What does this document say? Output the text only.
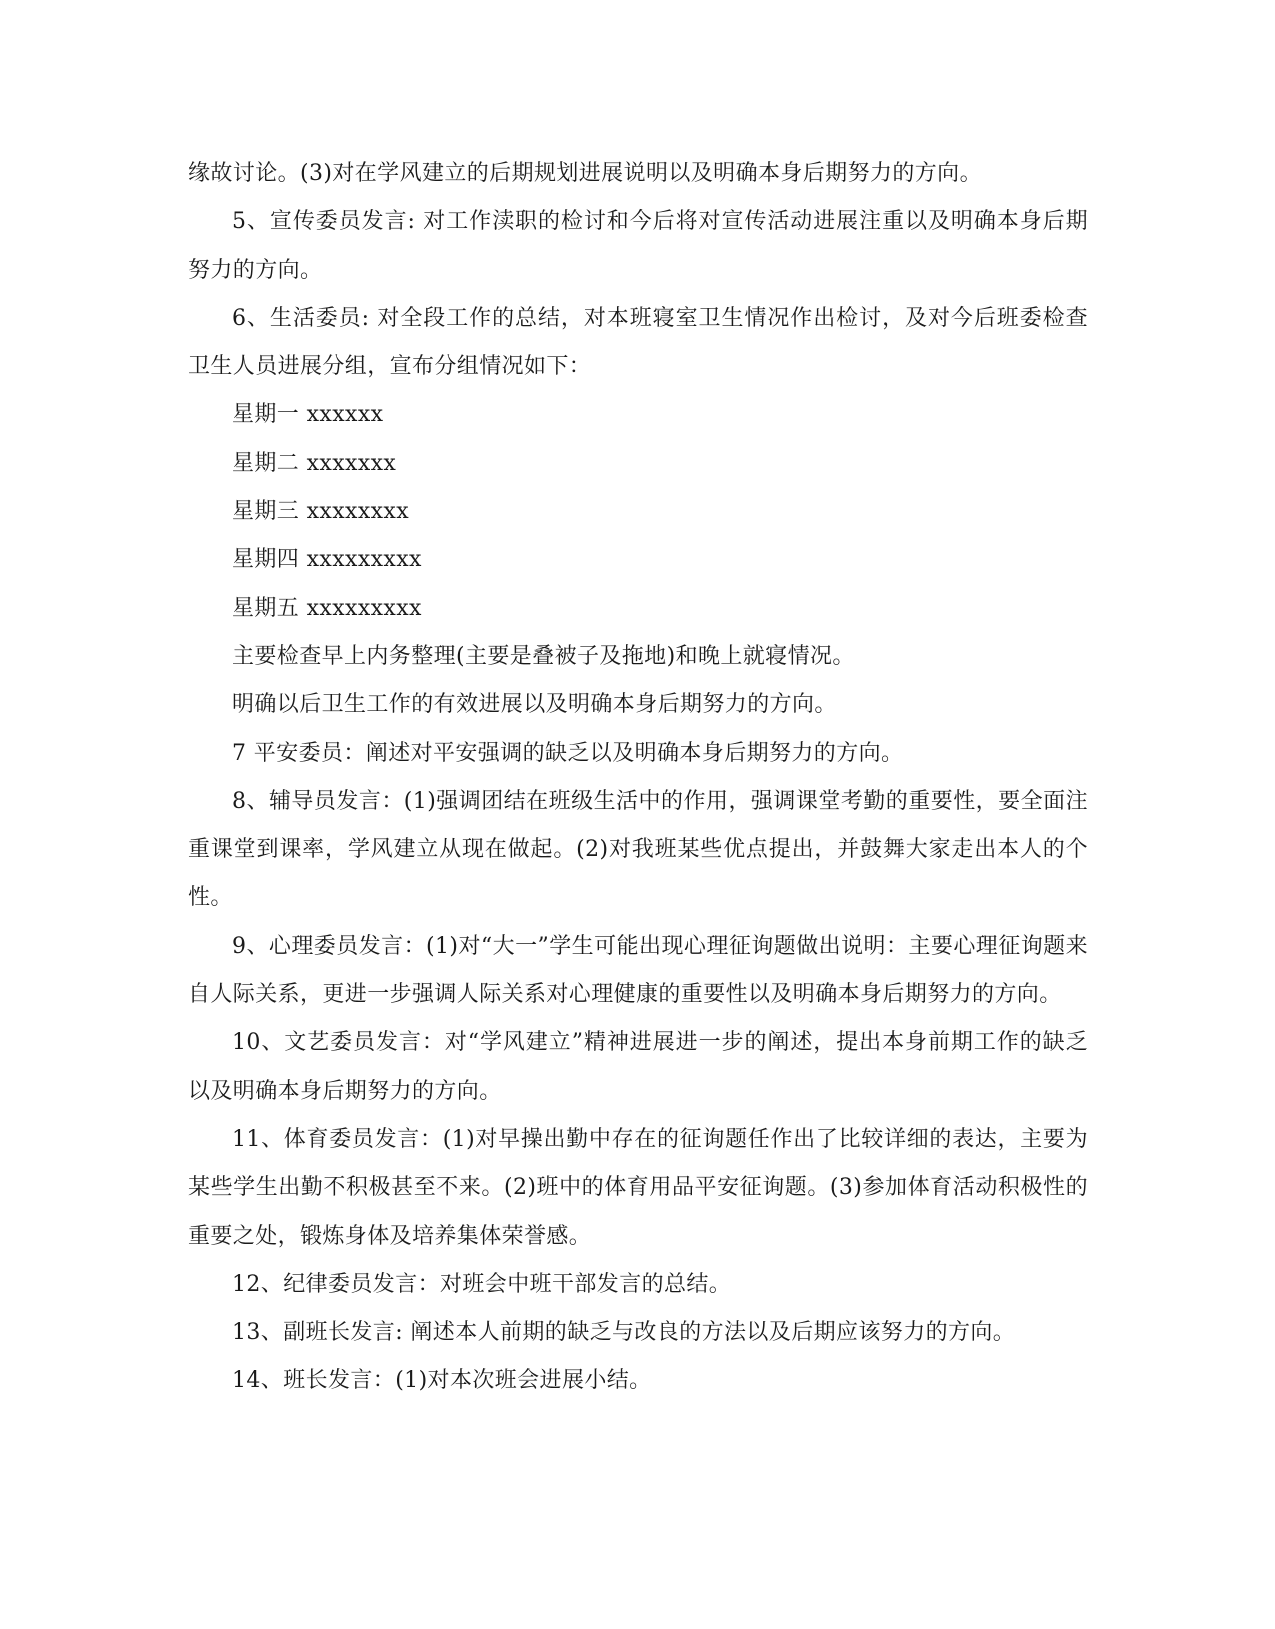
缘故讨论。(3)对在学风建立的后期规划进展说明以及明确本身后期努力的方向。

5、宣传委员发言: 对工作渎职的检讨和今后将对宣传活动进展注重以及明确本身后期努力的方向。

6、生活委员: 对全段工作的总结，对本班寝室卫生情况作出检讨，及对今后班委检查卫生人员进展分组，宣布分组情况如下：

星期一 xxxxxx

星期二 xxxxxxx

星期三 xxxxxxxx

星期四 xxxxxxxxx

星期五 xxxxxxxxx

主要检查早上内务整理(主要是叠被子及拖地)和晚上就寝情况。

明确以后卫生工作的有效进展以及明确本身后期努力的方向。

7 平安委员：阐述对平安强调的缺乏以及明确本身后期努力的方向。

8、辅导员发言：(1)强调团结在班级生活中的作用，强调课堂考勤的重要性，要全面注重课堂到课率，学风建立从现在做起。(2)对我班某些优点提出，并鼓舞大家走出本人的个性。

9、心理委员发言：(1)对“大一”学生可能出现心理征询题做出说明：主要心理征询题来自人际关系，更进一步强调人际关系对心理健康的重要性以及明确本身后期努力的方向。

10、文艺委员发言：对“学风建立”精神进展进一步的阐述，提出本身前期工作的缺乏以及明确本身后期努力的方向。

11、体育委员发言：(1)对早操出勤中存在的征询题任作出了比较详细的表达，主要为某些学生出勤不积极甚至不来。(2)班中的体育用品平安征询题。(3)参加体育活动积极性的重要之处，锻炼身体及培养集体荣誉感。

12、纪律委员发言：对班会中班干部发言的总结。

13、副班长发言: 阐述本人前期的缺乏与改良的方法以及后期应该努力的方向。

14、班长发言：(1)对本次班会进展小结。
